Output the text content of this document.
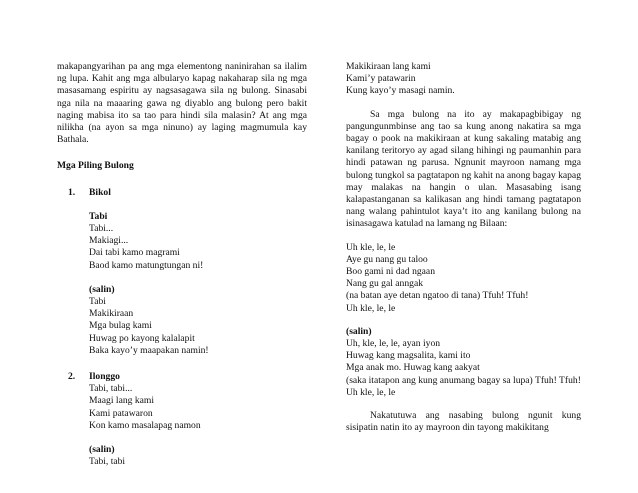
makapangyarihan pa ang mga elementong naninirahan sa ilalim ng lupa. Kahit ang mga albularyo kapag nakaharap sila ng mga masasamang espiritu ay nagsasagawa sila ng bulong. Sinasabi nga nila na maaaring gawa ng diyablo ang bulong pero bakit naging mabisa ito sa tao para hindi sila malasin? At ang mga nilikha (na ayon sa mga ninuno) ay laging magmumula kay Bathala.

Mga Piling Bulong

1.	Bikol
Tabi
Tabi...
Makiagi...
Dai tabi kamo magrami
Baod kamo matungtungan ni!
(salin)
Tabi
Makikiraan
Mga bulag kami
Huwag po kayong kalalapit
Baka kayo’y maapakan namin!
2.	Ilonggo
Tabi, tabi...
Maagi lang kami
Kami patawaron
Kon kamo masalapag namon
(salin)
Tabi, tabi
Makikiraan lang kami
Kami’y patawarin
Kung kayo’y masagi namin.

Sa mga bulong na ito ay makapagbibigay ng pangungunmbinse ang tao sa kung anong nakatira sa mga bagay o pook na makikiraan at kung sakaling matabig ang kanilang teritoryo ay agad silang hihingi ng paumanhin para hindi patawan ng parusa. Ngnunit mayroon namang mga bulong tungkol sa pagtatapon ng kahit na anong bagay kapag may malakas na hangin o ulan. Masasabing isang kalapastanganan sa kalikasan ang hindi tamang pagtatapon nang walang pahintulot kaya’t ito ang kanilang bulong na isinasagawa katulad na lamang ng Bilaan:

Uh kle, le, le
Aye gu nang gu taloo
Boo gami ni dad ngaan
Nang gu gal anngak
(na batan aye detan ngatoo di tana) Tfuh! Tfuh!
Uh kle, le, le
(salin)
Uh, kle, le, le, ayan iyon
Huwag kang magsalita, kami ito
Mga anak mo. Huwag kang aakyat

(saka itatapon ang kung anumang bagay sa lupa) Tfuh! Tfuh!

Uh kle, le, le

Nakatutuwa ang nasabing bulong ngunit kung sisipatin natin ito ay mayroon din tayong makikitang
